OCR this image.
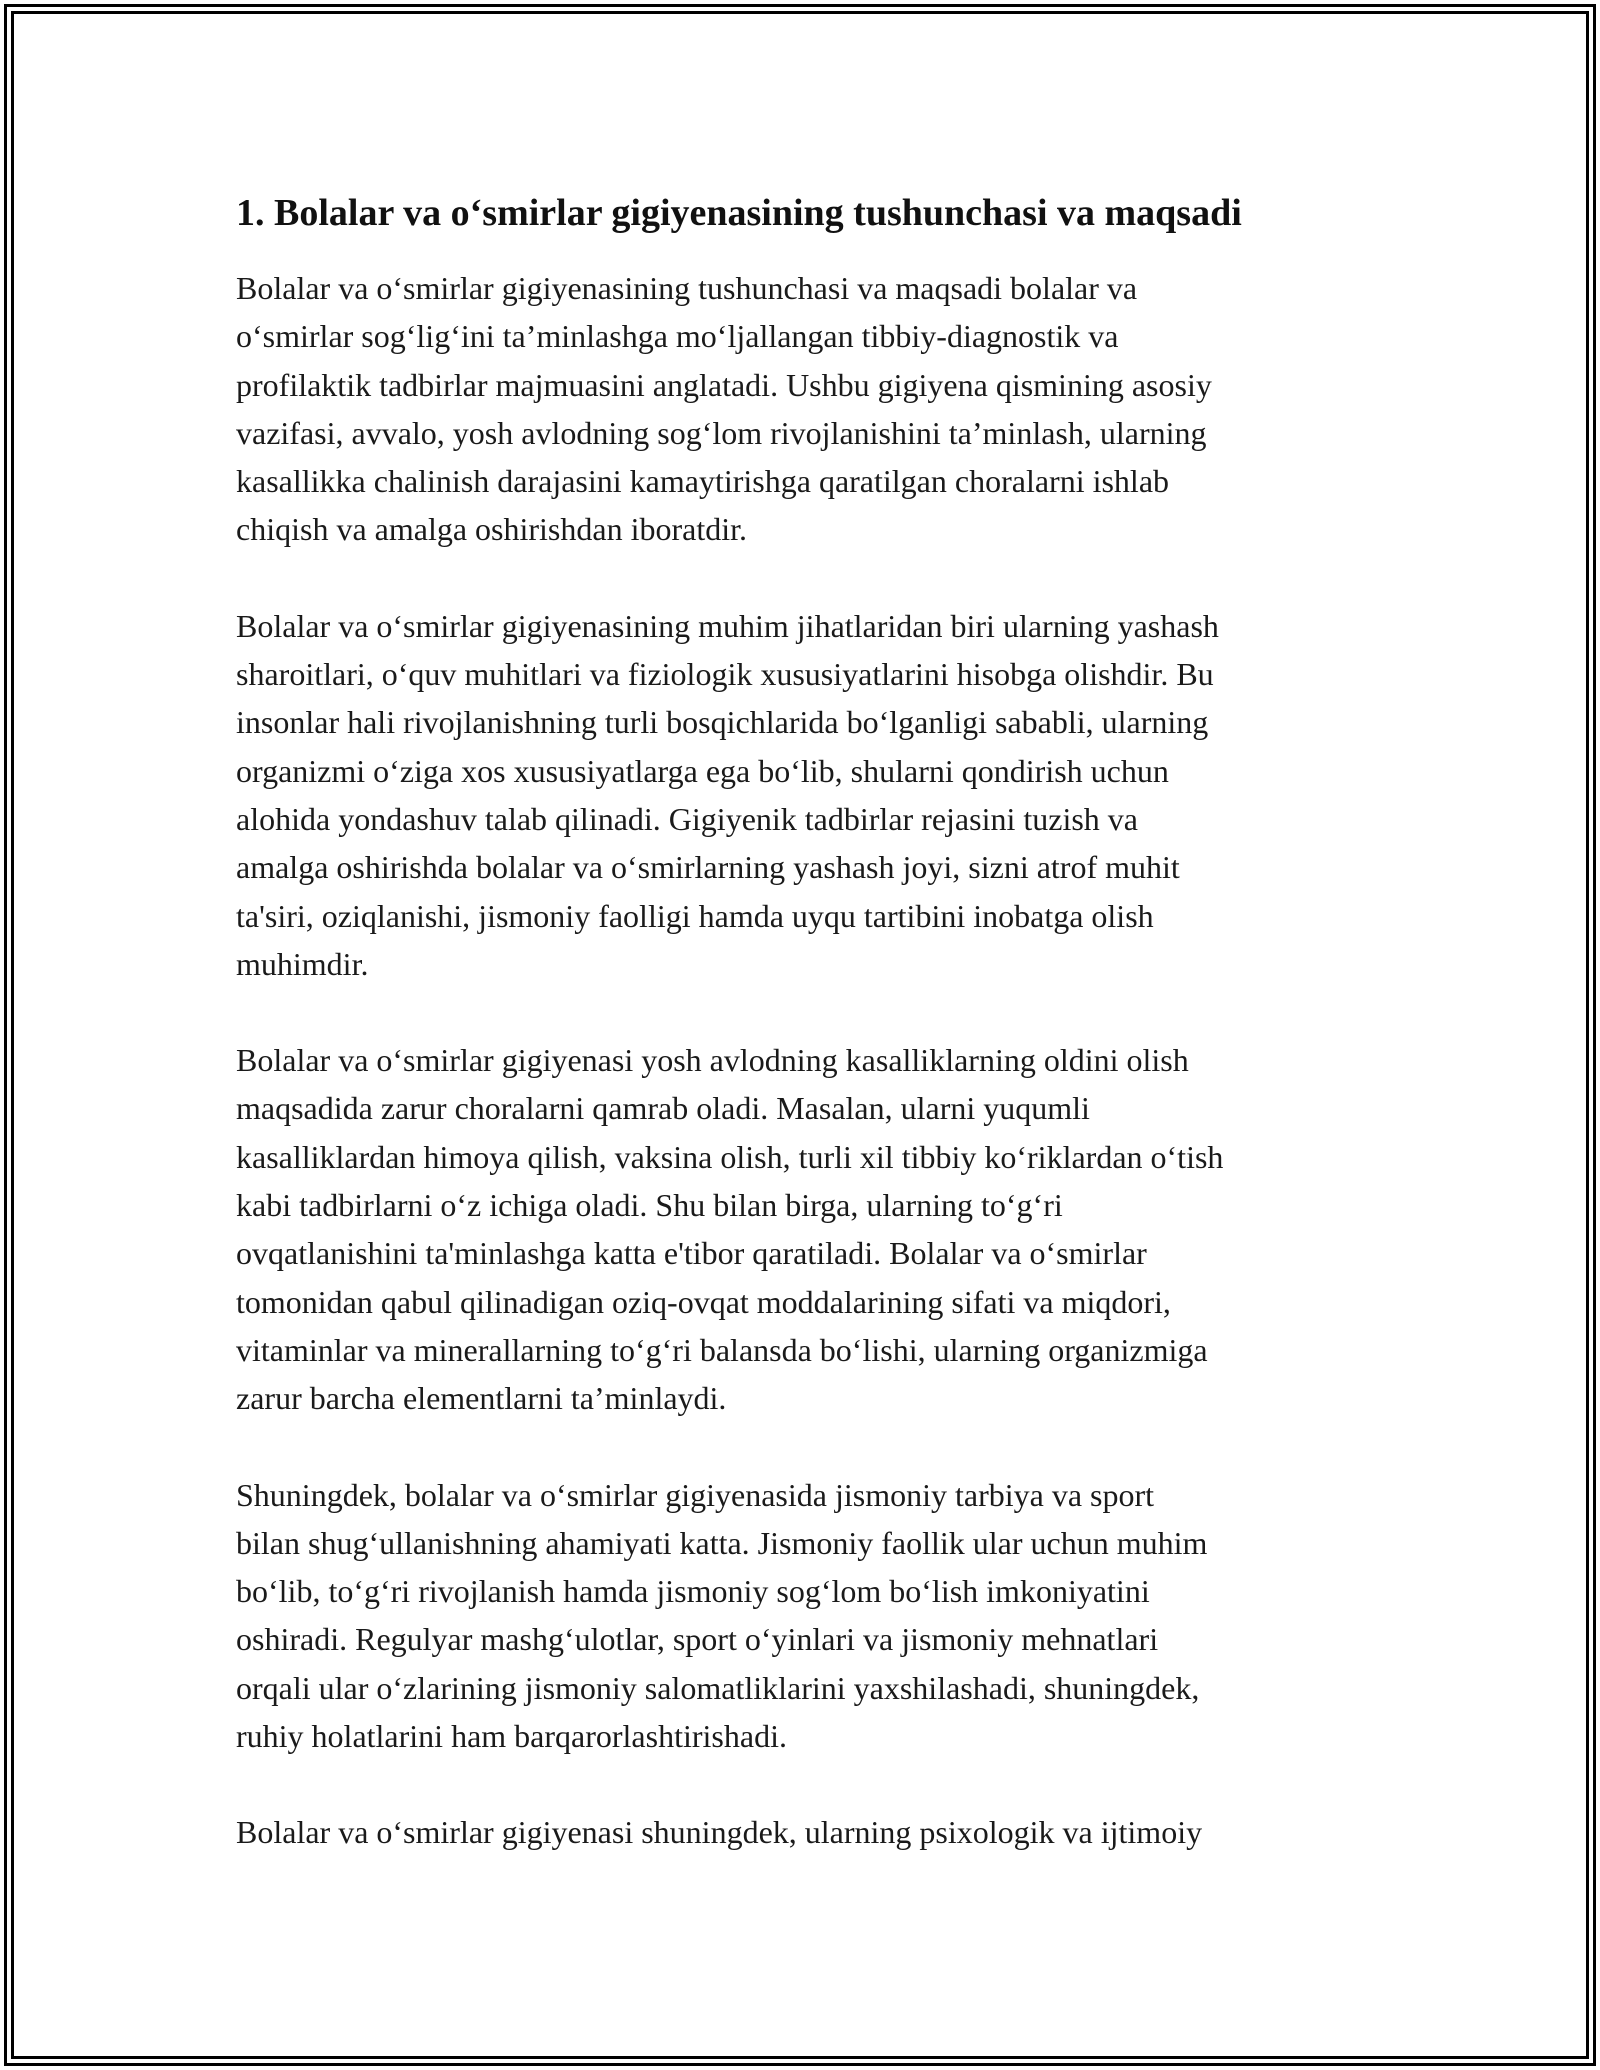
1. Bolalar va o‘smirlar gigiyenasining tushunchasi va maqsadi

Bolalar va o‘smirlar gigiyenasining tushunchasi va maqsadi bolalar va
o‘smirlar sog‘lig‘ini ta’minlashga mo‘ljallangan tibbiy-diagnostik va
profilaktik tadbirlar majmuasini anglatadi. Ushbu gigiyena qismining asosiy
vazifasi, avvalo, yosh avlodning sog‘lom rivojlanishini ta’minlash, ularning
kasallikka chalinish darajasini kamaytirishga qaratilgan choralarni ishlab
chiqish va amalga oshirishdan iboratdir.

Bolalar va o‘smirlar gigiyenasining muhim jihatlaridan biri ularning yashash
sharoitlari, o‘quv muhitlari va fiziologik xususiyatlarini hisobga olishdir. Bu
insonlar hali rivojlanishning turli bosqichlarida bo‘lganligi sababli, ularning
organizmi o‘ziga xos xususiyatlarga ega bo‘lib, shularni qondirish uchun
alohida yondashuv talab qilinadi. Gigiyenik tadbirlar rejasini tuzish va
amalga oshirishda bolalar va o‘smirlarning yashash joyi, sizni atrof muhit
ta'siri, oziqlanishi, jismoniy faolligi hamda uyqu tartibini inobatga olish
muhimdir.

Bolalar va o‘smirlar gigiyenasi yosh avlodning kasalliklarning oldini olish
maqsadida zarur choralarni qamrab oladi. Masalan, ularni yuqumli
kasalliklardan himoya qilish, vaksina olish, turli xil tibbiy ko‘riklardan o‘tish
kabi tadbirlarni o‘z ichiga oladi. Shu bilan birga, ularning to‘g‘ri
ovqatlanishini ta'minlashga katta e'tibor qaratiladi. Bolalar va o‘smirlar
tomonidan qabul qilinadigan oziq-ovqat moddalarining sifati va miqdori,
vitaminlar va minerallarning to‘g‘ri balansda bo‘lishi, ularning organizmiga
zarur barcha elementlarni ta’minlaydi.

Shuningdek, bolalar va o‘smirlar gigiyenasida jismoniy tarbiya va sport
bilan shug‘ullanishning ahamiyati katta. Jismoniy faollik ular uchun muhim
bo‘lib, to‘g‘ri rivojlanish hamda jismoniy sog‘lom bo‘lish imkoniyatini
oshiradi. Regulyar mashg‘ulotlar, sport o‘yinlari va jismoniy mehnatlari
orqali ular o‘zlarining jismoniy salomatliklarini yaxshilashadi, shuningdek,
ruhiy holatlarini ham barqarorlashtirishadi.

Bolalar va o‘smirlar gigiyenasi shuningdek, ularning psixologik va ijtimoiy
